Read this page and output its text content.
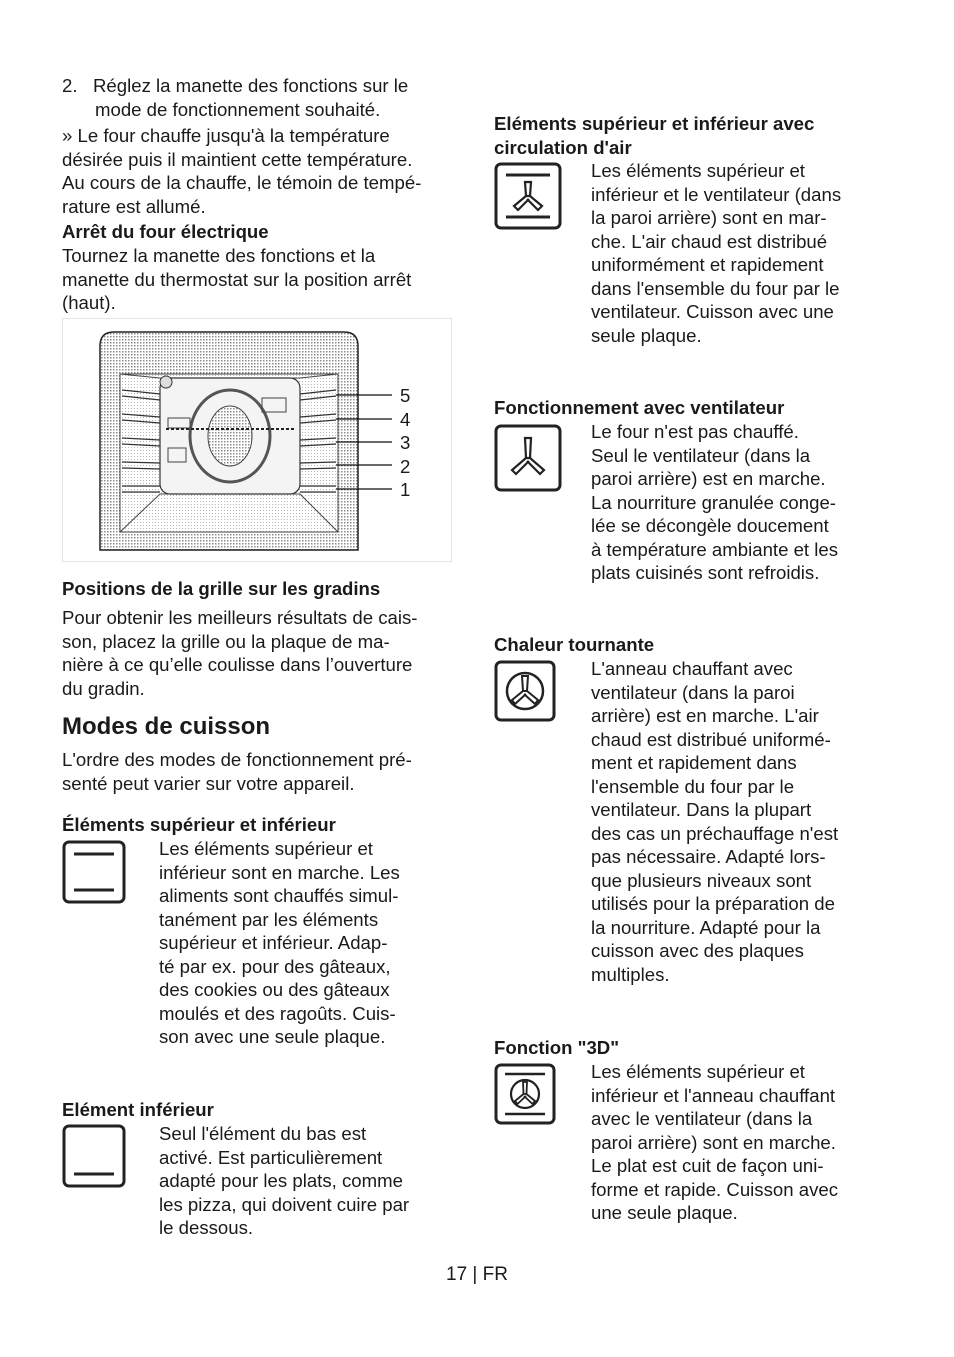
2.   Réglez la manette des fonctions sur le

mode de fonctionnement souhaité.

» Le four chauffe jusqu'à la température

désirée puis il maintient cette température.

Au cours de la chauffe, le témoin de tempé-

rature est allumé.

Arrêt du four électrique

Tournez la manette des fonctions et la

manette du thermostat sur la position arrêt

(haut).

5

4

3

2

1

Positions de la grille sur les gradins

Pour obtenir les meilleurs résultats de cais-

son, placez la grille ou la plaque de ma-

nière à ce qu’elle coulisse dans l’ouverture

du gradin.

Modes de cuisson

L'ordre des modes de fonctionnement pré-

senté peut varier sur votre appareil.

Éléments supérieur et inférieur

Les éléments supérieur et

inférieur sont en marche. Les

aliments sont chauffés simul-

tanément par les éléments

supérieur et inférieur. Adap-

té par ex. pour des gâteaux,

des cookies ou des gâteaux

moulés et des ragoûts. Cuis-

son avec une seule plaque.

Elément inférieur

Seul l'élément du bas est

activé. Est particulièrement

adapté pour les plats, comme

les pizza, qui doivent cuire par

le dessous.

Eléments supérieur et inférieur avec

circulation d'air

Les éléments supérieur et

inférieur et le ventilateur (dans

la paroi arrière) sont en mar-

che. L'air chaud est distribué

uniformément et rapidement

dans l'ensemble du four par le

ventilateur. Cuisson avec une

seule plaque.

Fonctionnement avec ventilateur

Le four n'est pas chauffé.

Seul le ventilateur (dans la

paroi arrière) est en marche.

La nourriture granulée conge-

lée se décongèle doucement

à température ambiante et les

plats cuisinés sont refroidis.

Chaleur tournante

L'anneau chauffant avec

ventilateur (dans la paroi

arrière) est en marche. L'air

chaud est distribué uniformé-

ment et rapidement dans

l'ensemble du four par le

ventilateur. Dans la plupart

des cas un préchauffage n'est

pas nécessaire. Adapté lors-

que plusieurs niveaux sont

utilisés pour la préparation de

la nourriture. Adapté pour la

cuisson avec des plaques

multiples.

Fonction "3D"

Les éléments supérieur et

inférieur et l'anneau chauffant

avec le ventilateur (dans la

paroi arrière) sont en marche.

Le plat est cuit de façon uni-

forme et rapide. Cuisson avec

une seule plaque.

17 | FR
